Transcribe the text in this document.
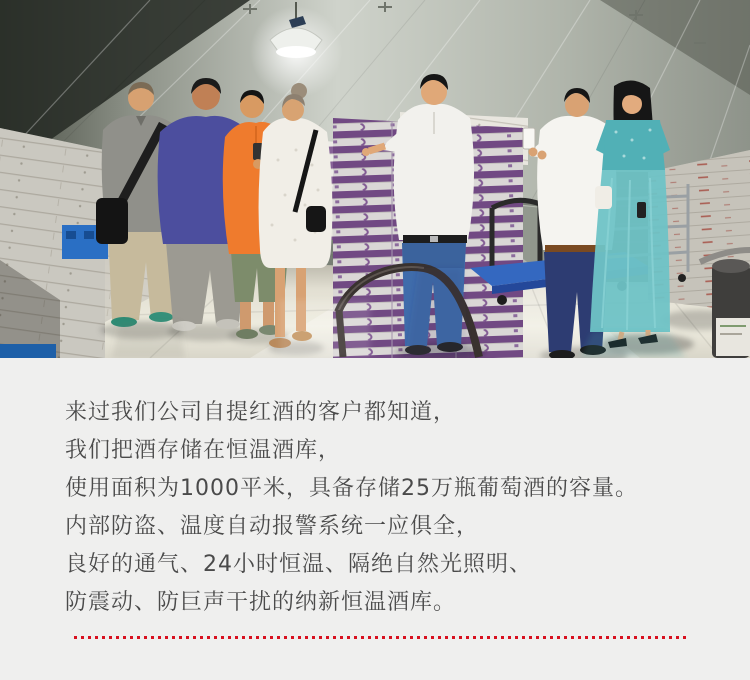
来过我们公司自提红酒的客户都知道，

我们把酒存储在恒温酒库，

使用面积为1000平米，具备存储25万瓶葡萄酒的容量。

内部防盗、温度自动报警系统一应俱全，

良好的通气、24小时恒温、隔绝自然光照明、

防震动、防巨声干扰的纳新恒温酒库。
